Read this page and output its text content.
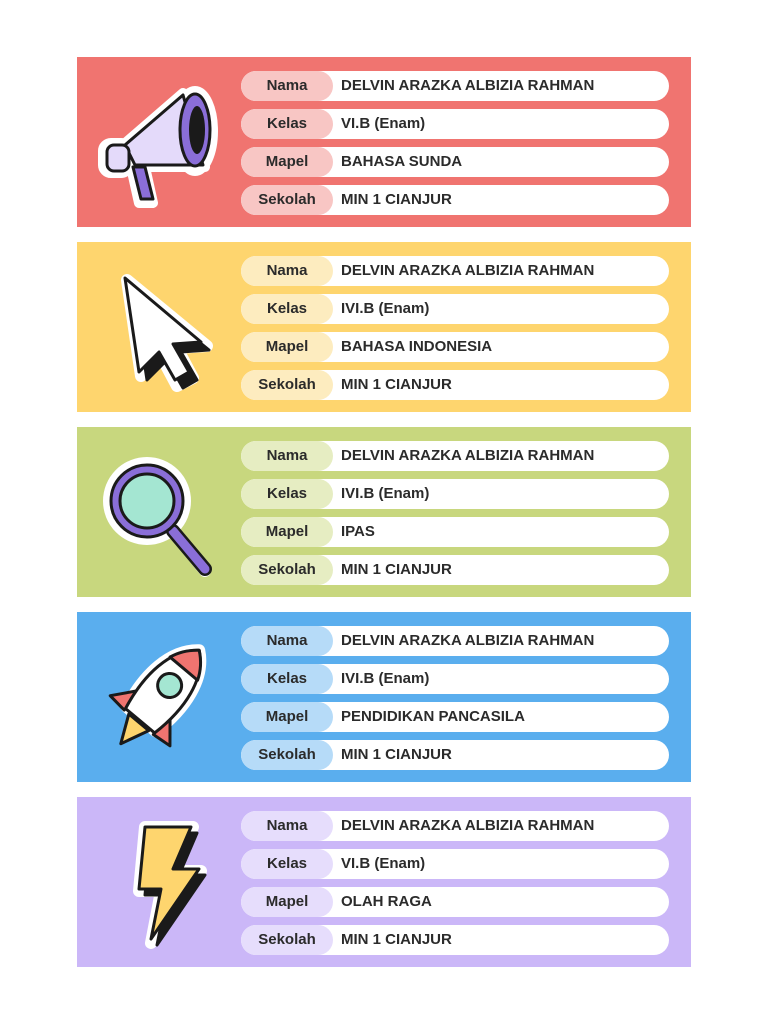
Nama	DELVIN ARAZKA ALBIZIA RAHMAN
Kelas	VI.B (Enam)
Mapel	BAHASA SUNDA
Sekolah	MIN 1 CIANJUR
Nama	DELVIN ARAZKA ALBIZIA RAHMAN
Kelas	IVI.B (Enam)
Mapel	BAHASA INDONESIA
Sekolah	MIN 1 CIANJUR
Nama	DELVIN ARAZKA ALBIZIA RAHMAN
Kelas	IVI.B (Enam)
Mapel	IPAS
Sekolah	MIN 1 CIANJUR
Nama	DELVIN ARAZKA ALBIZIA RAHMAN
Kelas	IVI.B (Enam)
Mapel	PENDIDIKAN PANCASILA
Sekolah	MIN 1 CIANJUR
Nama	DELVIN ARAZKA ALBIZIA RAHMAN
Kelas	VI.B (Enam)
Mapel	OLAH RAGA
Sekolah	MIN 1 CIANJUR
